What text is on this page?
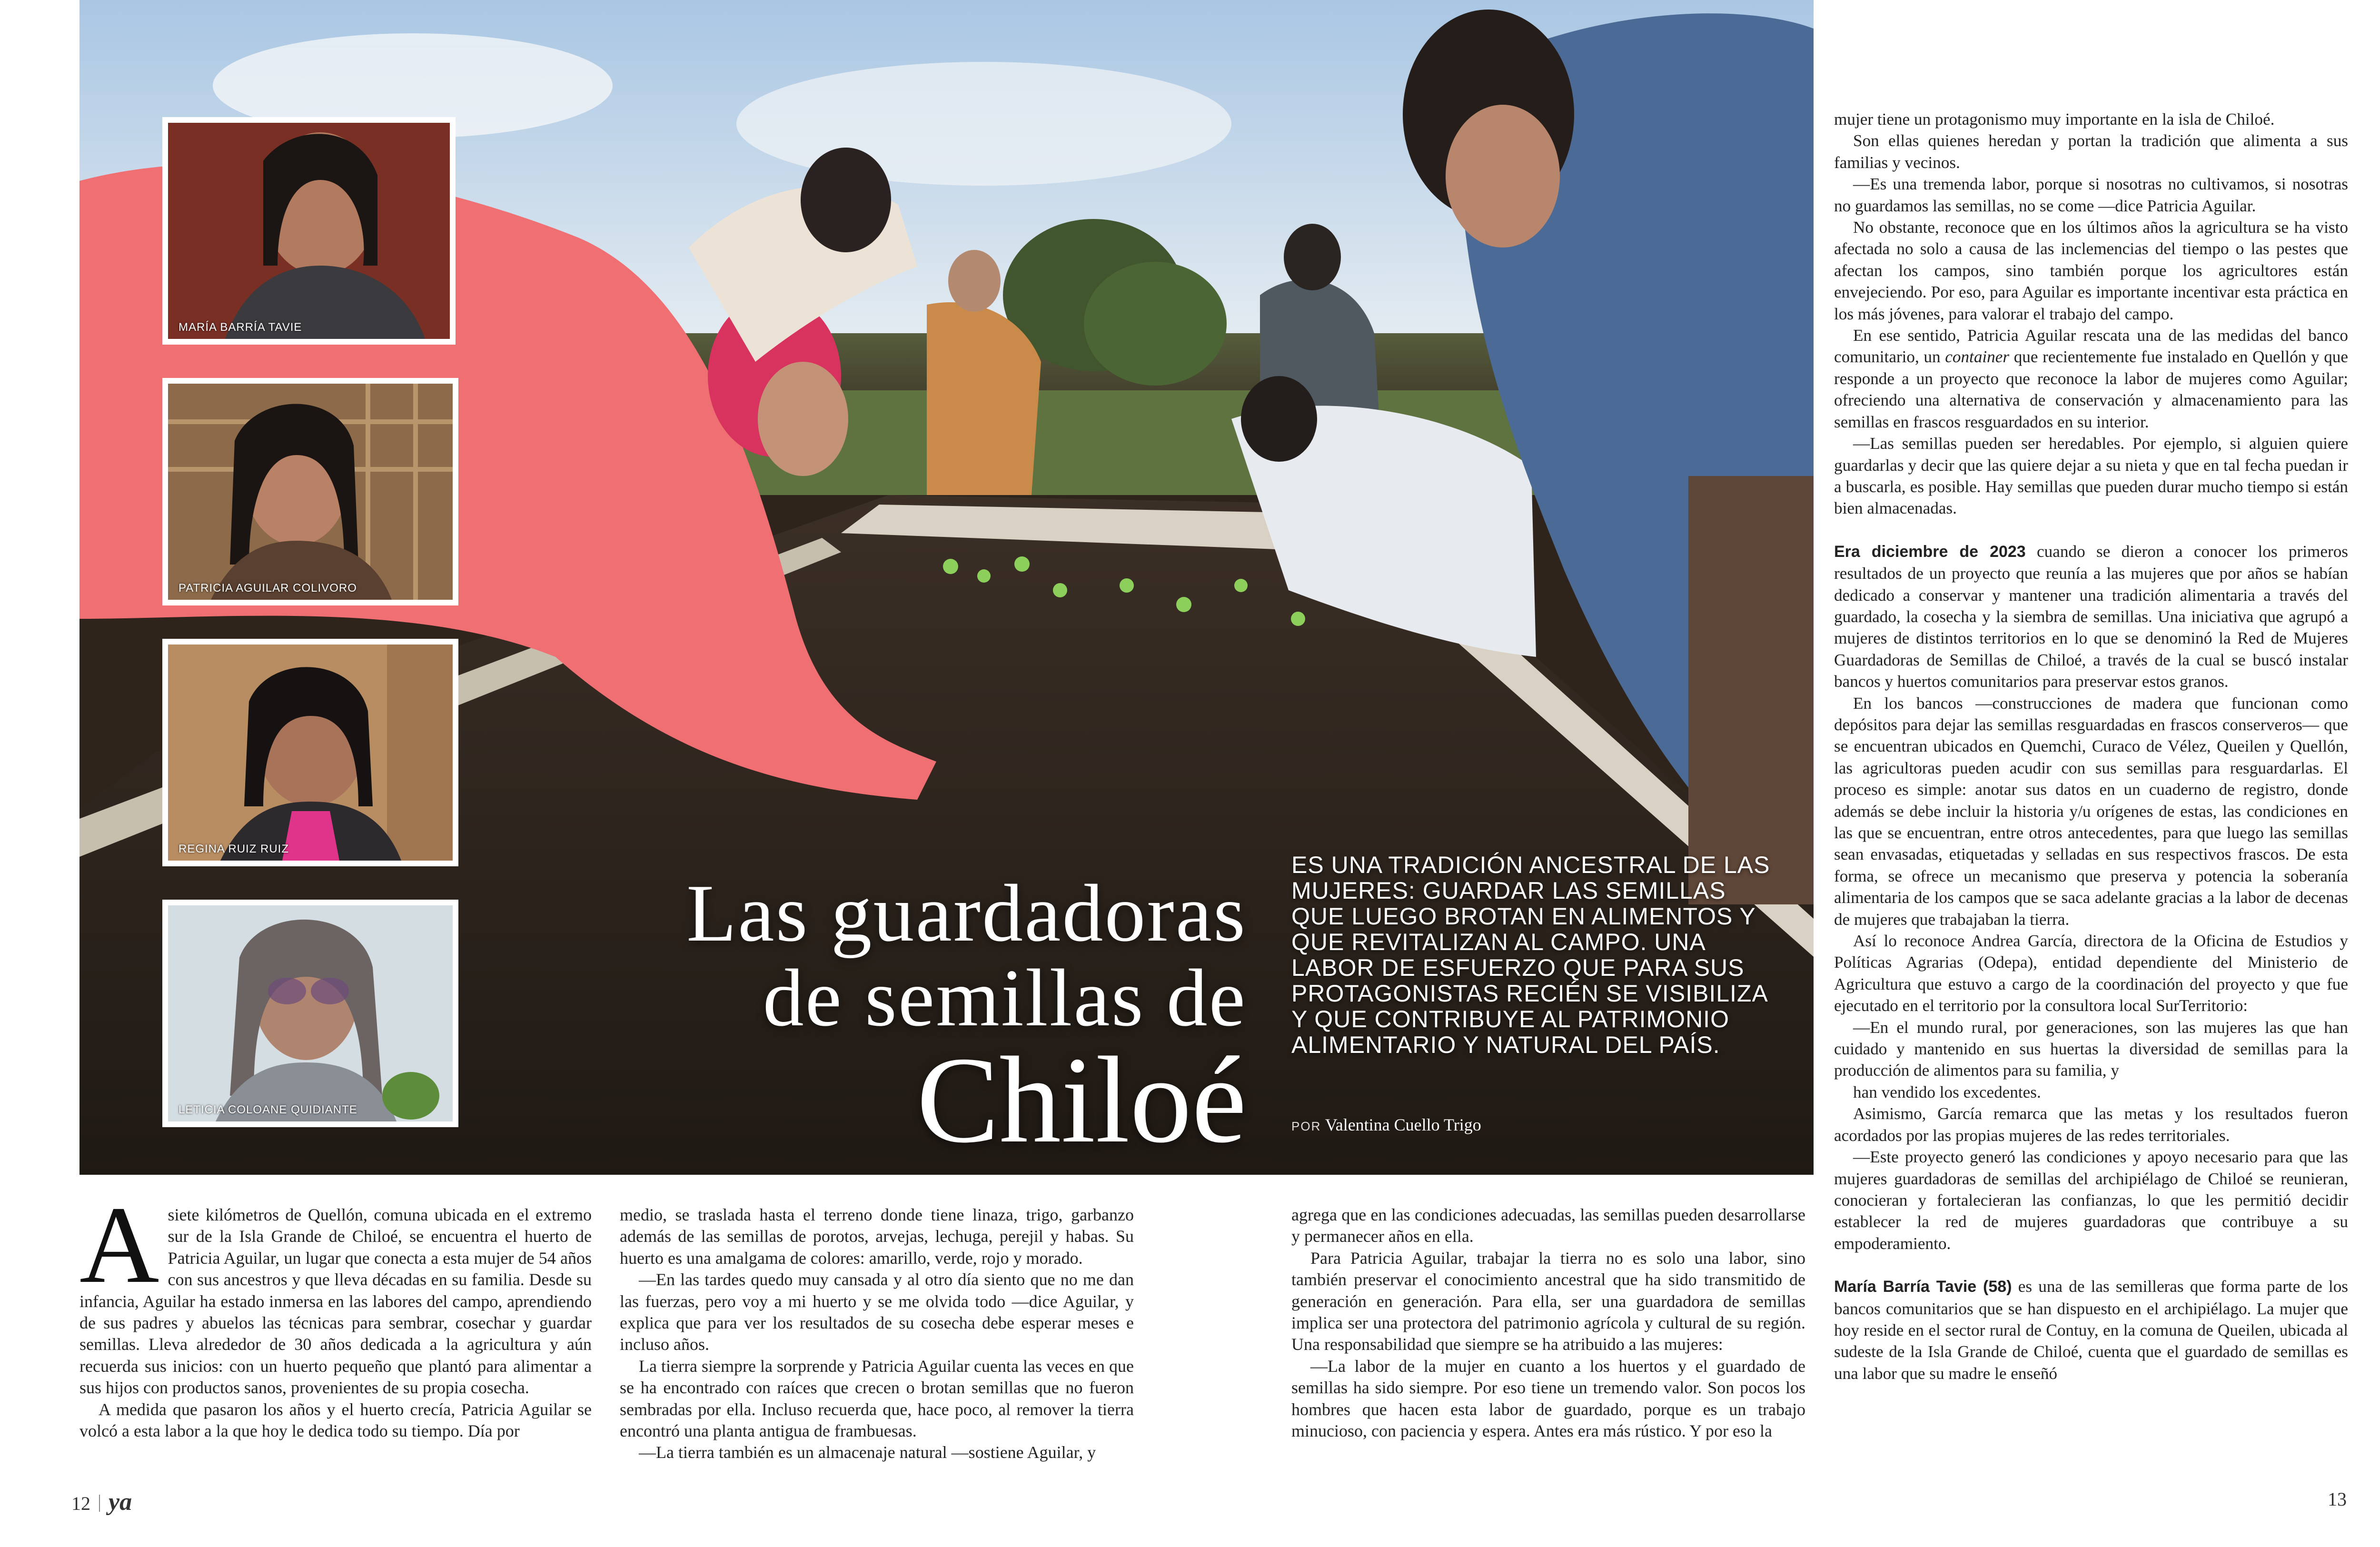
MARÍA BARRÍA TAVIE
PATRICIA AGUILAR COLIVORO
REGINA RUIZ RUIZ
LETICIA COLOANE QUIDIANTE
Las guardadoras
de semillas de
Chiloé
ES UNA TRADICIÓN ANCESTRAL DE LAS MUJERES: GUARDAR LAS SEMILLAS QUE LUEGO BROTAN EN ALIMENTOS Y QUE REVITALIZAN AL CAMPO. UNA LABOR DE ESFUERZO QUE PARA SUS PROTAGONISTAS RECIÉN SE VISIBILIZA Y QUE CONTRIBUYE AL PATRIMONIO ALIMENTARIO Y NATURAL DEL PAÍS.
POR Valentina Cuello Trigo

Asiete kilómetros de Quellón, comuna ubicada en el extremo sur de la Isla Grande de Chiloé, se encuentra el huerto de Patricia Aguilar, un lugar que conecta a esta mujer de 54 años con sus ancestros y que lleva décadas en su familia. Desde su infancia, Aguilar ha estado inmersa en las labores del campo, aprendiendo de sus padres y abuelos las técnicas para sembrar, cosechar y guardar semillas. Lleva alrededor de 30 años dedicada a la agricultura y aún recuerda sus inicios: con un huerto pequeño que plantó para alimentar a sus hijos con productos sanos, provenientes de su propia cosecha.

A medida que pasaron los años y el huerto crecía, Patricia Aguilar se volcó a esta labor a la que hoy le dedica todo su tiempo. Día por

medio, se traslada hasta el terreno donde tiene linaza, trigo, garbanzo además de las semillas de porotos, arvejas, lechuga, perejil y habas. Su huerto es una amalgama de colores: amarillo, verde, rojo y morado.

—En las tardes quedo muy cansada y al otro día siento que no me dan las fuerzas, pero voy a mi huerto y se me olvida todo —dice Aguilar, y explica que para ver los resultados de su cosecha debe esperar meses e incluso años.

La tierra siempre la sorprende y Patricia Aguilar cuenta las veces en que se ha encontrado con raíces que crecen o brotan semillas que no fueron sembradas por ella. Incluso recuerda que, hace poco, al remover la tierra encontró una planta antigua de frambuesas.

—La tierra también es un almacenaje natural —sostiene Aguilar, y

agrega que en las condiciones adecuadas, las semillas pueden desarrollarse y permanecer años en ella.

Para Patricia Aguilar, trabajar la tierra no es solo una labor, sino también preservar el conocimiento ancestral que ha sido transmitido de generación en generación. Para ella, ser una guardadora de semillas implica ser una protectora del patrimonio agrícola y cultural de su región. Una responsabilidad que siempre se ha atribuido a las mujeres:

—La labor de la mujer en cuanto a los huertos y el guardado de semillas ha sido siempre. Por eso tiene un tremendo valor. Son pocos los hombres que hacen esta labor de guardado, porque es un trabajo minucioso, con paciencia y espera. Antes era más rústico. Y por eso la

mujer tiene un protagonismo muy importante en la isla de Chiloé.

Son ellas quienes heredan y portan la tradición que alimenta a sus familias y vecinos.

—Es una tremenda labor, porque si nosotras no cultivamos, si nosotras no guardamos las semillas, no se come —dice Patricia Aguilar.

No obstante, reconoce que en los últimos años la agricultura se ha visto afectada no solo a causa de las inclemencias del tiempo o las pestes que afectan los campos, sino también porque los agricultores están envejeciendo. Por eso, para Aguilar es importante incentivar esta práctica en los más jóvenes, para valorar el trabajo del campo.

En ese sentido, Patricia Aguilar rescata una de las medidas del banco comunitario, un container que recientemente fue instalado en Quellón y que responde a un proyecto que reconoce la labor de mujeres como Aguilar; ofreciendo una alternativa de conservación y almacenamiento para las semillas en frascos resguardados en su interior.

—Las semillas pueden ser heredables. Por ejemplo, si alguien quiere guardarlas y decir que las quiere dejar a su nieta y que en tal fecha puedan ir a buscarla, es posible. Hay semillas que pueden durar mucho tiempo si están bien almacenadas.

Era diciembre de 2023 cuando se dieron a conocer los primeros resultados de un proyecto que reunía a las mujeres que por años se habían dedicado a conservar y mantener una tradición alimentaria a través del guardado, la cosecha y la siembra de semillas. Una iniciativa que agrupó a mujeres de distintos territorios en lo que se denominó la Red de Mujeres Guardadoras de Semillas de Chiloé, a través de la cual se buscó instalar bancos y huertos comunitarios para preservar estos granos.

En los bancos —construcciones de madera que funcionan como depósitos para dejar las semillas resguardadas en frascos conserveros— que se encuentran ubicados en Quemchi, Curaco de Vélez, Queilen y Quellón, las agricultoras pueden acudir con sus semillas para resguardarlas. El proceso es simple: anotar sus datos en un cuaderno de registro, donde además se debe incluir la historia y/u orígenes de estas, las condiciones en las que se encuentran, entre otros antecedentes, para que luego las semillas sean envasadas, etiquetadas y selladas en sus respectivos frascos. De esta forma, se ofrece un mecanismo que preserva y potencia la soberanía alimentaria de los campos que se saca adelante gracias a la labor de decenas de mujeres que trabajaban la tierra.

Así lo reconoce Andrea García, directora de la Oficina de Estudios y Políticas Agrarias (Odepa), entidad dependiente del Ministerio de Agricultura que estuvo a cargo de la coordinación del proyecto y que fue ejecutado en el territorio por la consultora local SurTerritorio:

—En el mundo rural, por generaciones, son las mujeres las que han cuidado y mantenido en sus huertas la diversidad de semillas para la producción de alimentos para su familia, y

han vendido los excedentes.

Asimismo, García remarca que las metas y los resultados fueron acordados por las propias mujeres de las redes territoriales.

—Este proyecto generó las condiciones y apoyo necesario para que las mujeres guardadoras de semillas del archipiélago de Chiloé se reunieran, conocieran y fortalecieran las confianzas, lo que les permitió decidir establecer la red de mujeres guardadoras que contribuye a su empoderamiento.

María Barría Tavie (58) es una de las semilleras que forma parte de los bancos comunitarios que se han dispuesto en el archipiélago. La mujer que hoy reside en el sector rural de Contuy, en la comuna de Queilen, ubicada al sudeste de la Isla Grande de Chiloé, cuenta que el guardado de semillas es una labor que su madre le enseñó

12 ya	13
